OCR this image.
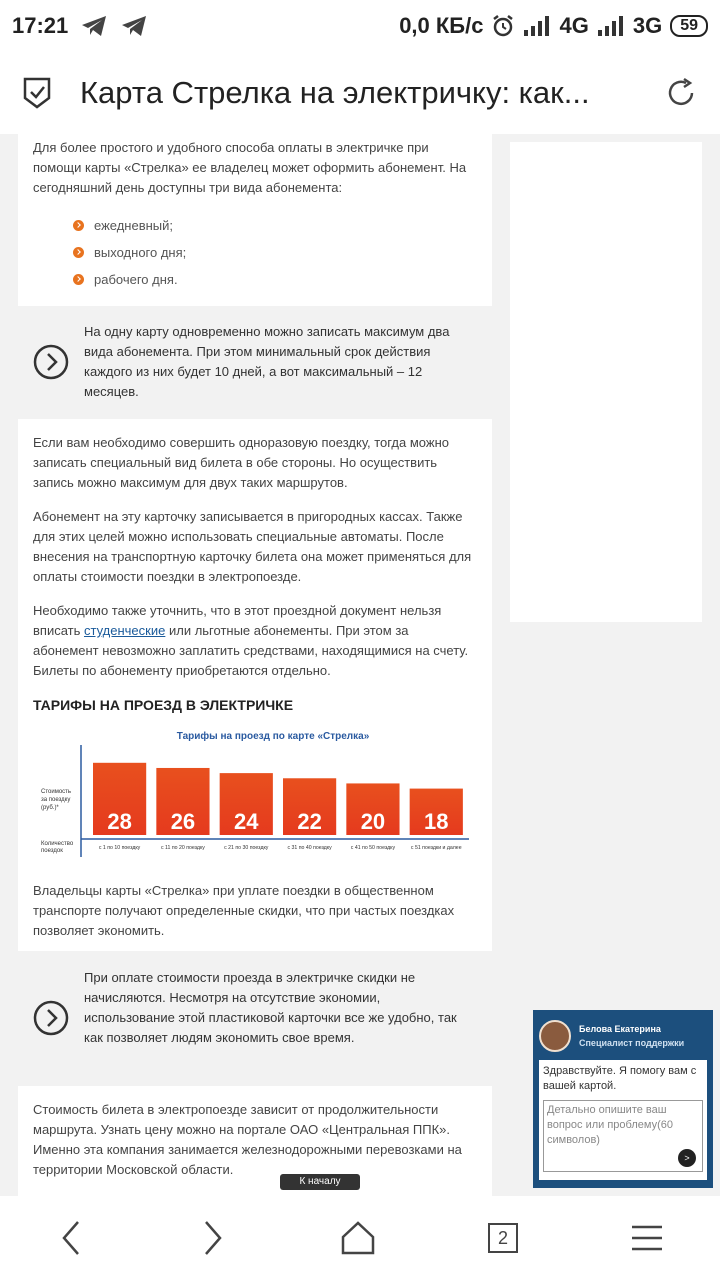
17:21	0,0 КБ/с	4G 3G	59
Карта Стрелка на электричку: как...

Для более простого и удобного способа оплаты в электричке при помощи карты «Стрелка» ее владелец может оформить абонемент. На сегодняшний день доступны три вида абонемента:

ежедневный;
выходного дня;
рабочего дня.
На одну карту одновременно можно записать максимум два вида абонемента. При этом минимальный срок действия каждого из них будет 10 дней, а вот максимальный – 12 месяцев.

Если вам необходимо совершить одноразовую поездку, тогда можно записать специальный вид билета в обе стороны. Но осуществить запись можно максимум для двух таких маршрутов.

Абонемент на эту карточку записывается в пригородных кассах. Также для этих целей можно использовать специальные автоматы. После внесения на транспортную карточку билета она может применяться для оплаты стоимости поездки в электропоезде.

Необходимо также уточнить, что в этот проездной документ нельзя вписать студенческие или льготные абонементы. При этом за абонемент невозможно заплатить средствами, находящимися на счету. Билеты по абонементу приобретаются отдельно.

ТАРИФЫ НА ПРОЕЗД В ЭЛЕКТРИЧКЕ
Тарифы на проезд по карте «Стрелка»
Стоимость за поездку (руб.)*
Количество поездок
28
с 1 по 10 поездку
26
с 11 по 20 поездку
24
с 21 по 30 поездку
22
с 31 по 40 поездку
20
с 41 по 50 поездку
18
с 51 поездки и далее

Владельцы карты «Стрелка» при уплате поездки в общественном транспорте получают определенные скидки, что при частых поездках позволяет экономить.

При оплате стоимости проезда в электричке скидки не начисляются. Несмотря на отсутствие экономии, использование этой пластиковой карточки все же удобно, так как позволяет людям экономить свое время.

Стоимость билета в электропоезде зависит от продолжительности маршрута. Узнать цену можно на портале ОАО «Центральная ППК». Именно эта компания занимается железнодорожными перевозками на территории Московской области.

Белова Екатерина
Специалист поддержки
Здравствуйте. Я помогу вам с вашей картой.
Детально опишите ваш вопрос или проблему(60 символов)
>
К началу
2
